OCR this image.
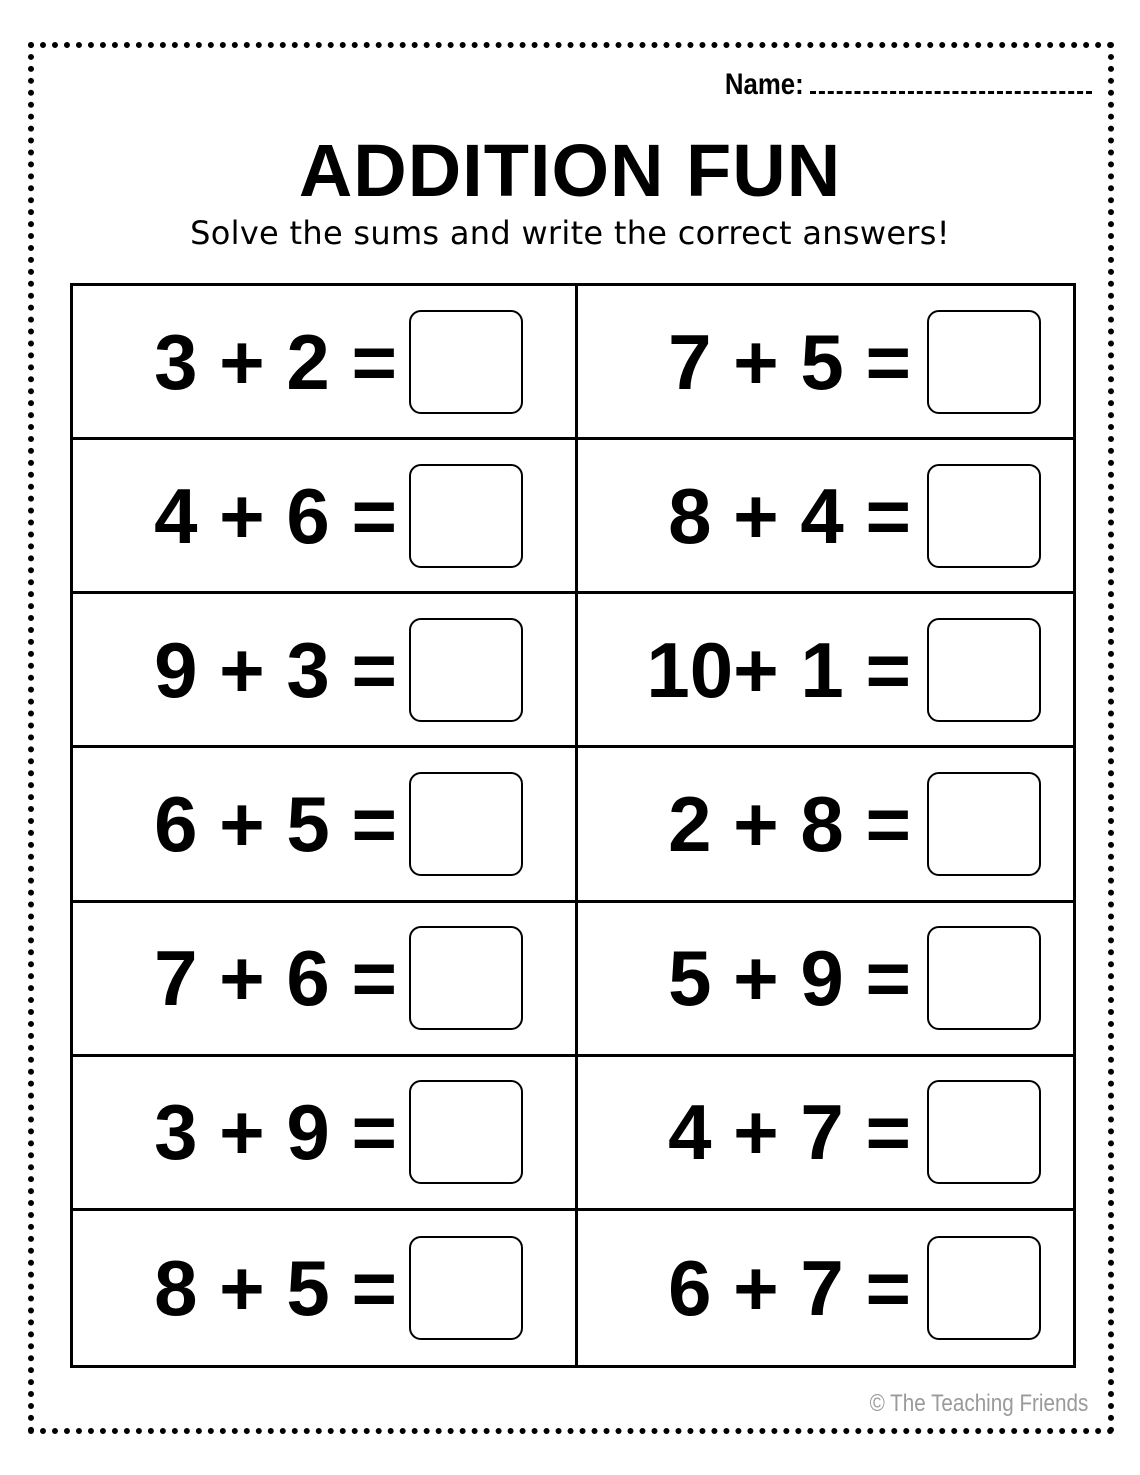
Name:
ADDITION FUN
Solve the sums and write the correct answers!
3 + 2 =	7 + 5 =
4 + 6 =	8 + 4 =
9 + 3 =	10+ 1 =
6 + 5 =	2 + 8 =
7 + 6 =	5 + 9 =
3 + 9 =	4 + 7 =
8 + 5 =	6 + 7 =
© The Teaching Friends
